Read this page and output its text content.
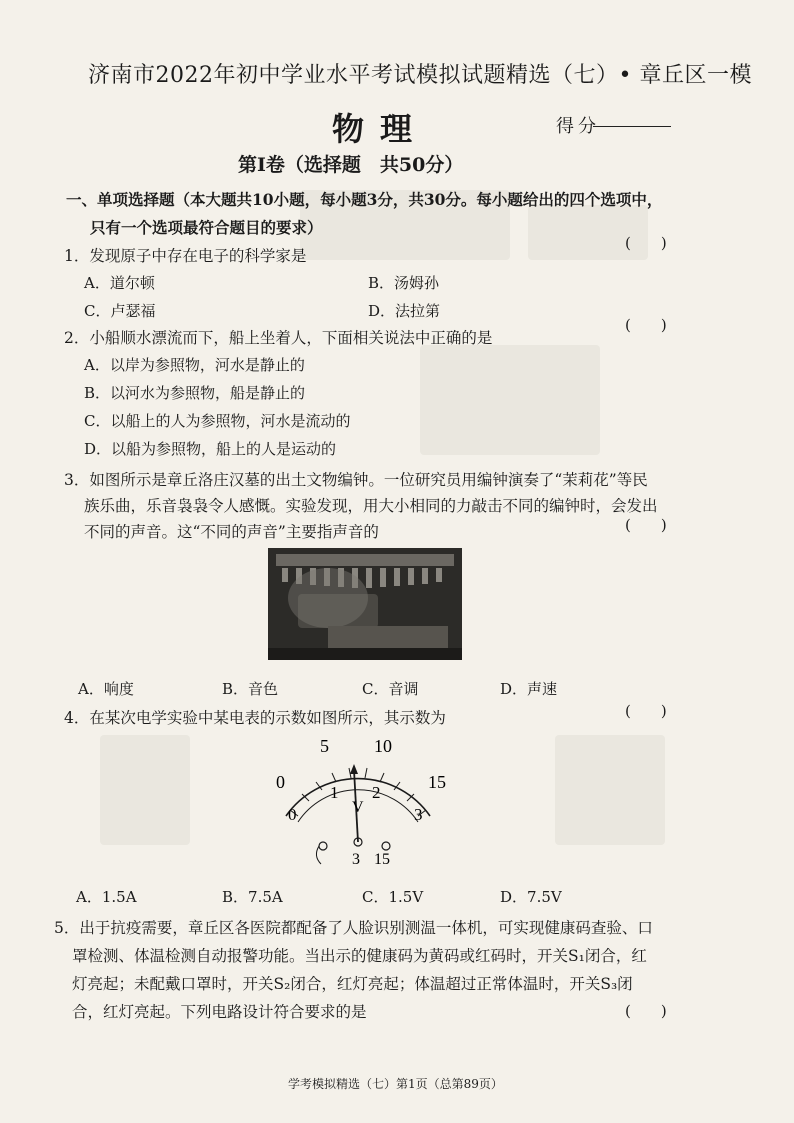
济南市2022年初中学业水平考试模拟试题精选（七）• 章丘区一模
物理	得分
第Ⅰ卷（选择题　共50分）
一、单项选择题（本大题共10小题，每小题3分，共30分。每小题给出的四个选项中，
只有一个选项最符合题目的要求）
(　　)
1．发现原子中存在电子的科学家是
A．道尔顿	B．汤姆孙
C．卢瑟福	D．法拉第
(　　)
2．小船顺水漂流而下，船上坐着人，下面相关说法中正确的是
A．以岸为参照物，河水是静止的
B．以河水为参照物，船是静止的
C．以船上的人为参照物，河水是流动的
D．以船为参照物，船上的人是运动的
3．如图所示是章丘洛庄汉墓的出土文物编钟。一位研究员用编钟演奏了“茉莉花”等民
族乐曲，乐音袅袅令人感慨。实验发现，用大小相同的力敲击不同的编钟时，会发出
不同的声音。这“不同的声音”主要指声音的	(　　)
A．响度	B．音色	C．音调	D．声速
4．在某次电学实验中某电表的示数如图所示，其示数为	(　　)
0
5	10
15
0
1 2
3
V
3 15
A．1.5A	B．7.5A	C．1.5V	D．7.5V
5．出于抗疫需要，章丘区各医院都配备了人脸识别测温一体机，可实现健康码查验、口
罩检测、体温检测自动报警功能。当出示的健康码为黄码或红码时，开关S₁闭合，红
灯亮起；未配戴口罩时，开关S₂闭合，红灯亮起；体温超过正常体温时，开关S₃闭
合，红灯亮起。下列电路设计符合要求的是	(　　)
学考模拟精选（七）第1页（总第89页）
